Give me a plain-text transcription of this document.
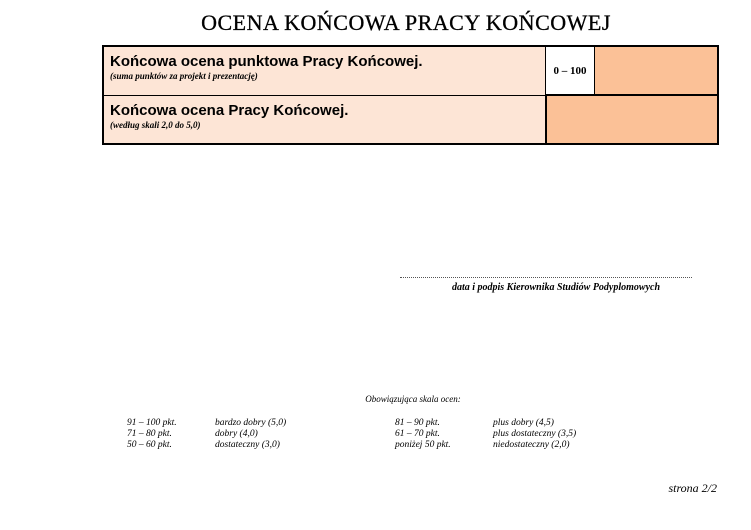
OCENA KOŃCOWA PRACY KOŃCOWEJ
Końcowa ocena punktowa Pracy Końcowej.
(suma punktów za projekt i prezentację)	0 – 100	

Końcowa ocena Pracy Końcowej.
(według skali 2,0 do 5,0)		

data i podpis Kierownika Studiów Podyplomowych
Obowiązująca skala ocen:
91 – 100 pkt.	bardzo dobry (5,0)	81 – 90 pkt.	plus dobry (4,5)
71 – 80 pkt.	dobry (4,0)	61 – 70 pkt.	plus dostateczny (3,5)
50 – 60 pkt.	dostateczny (3,0)	poniżej 50 pkt.	niedostateczny (2,0)
strona 2/2
